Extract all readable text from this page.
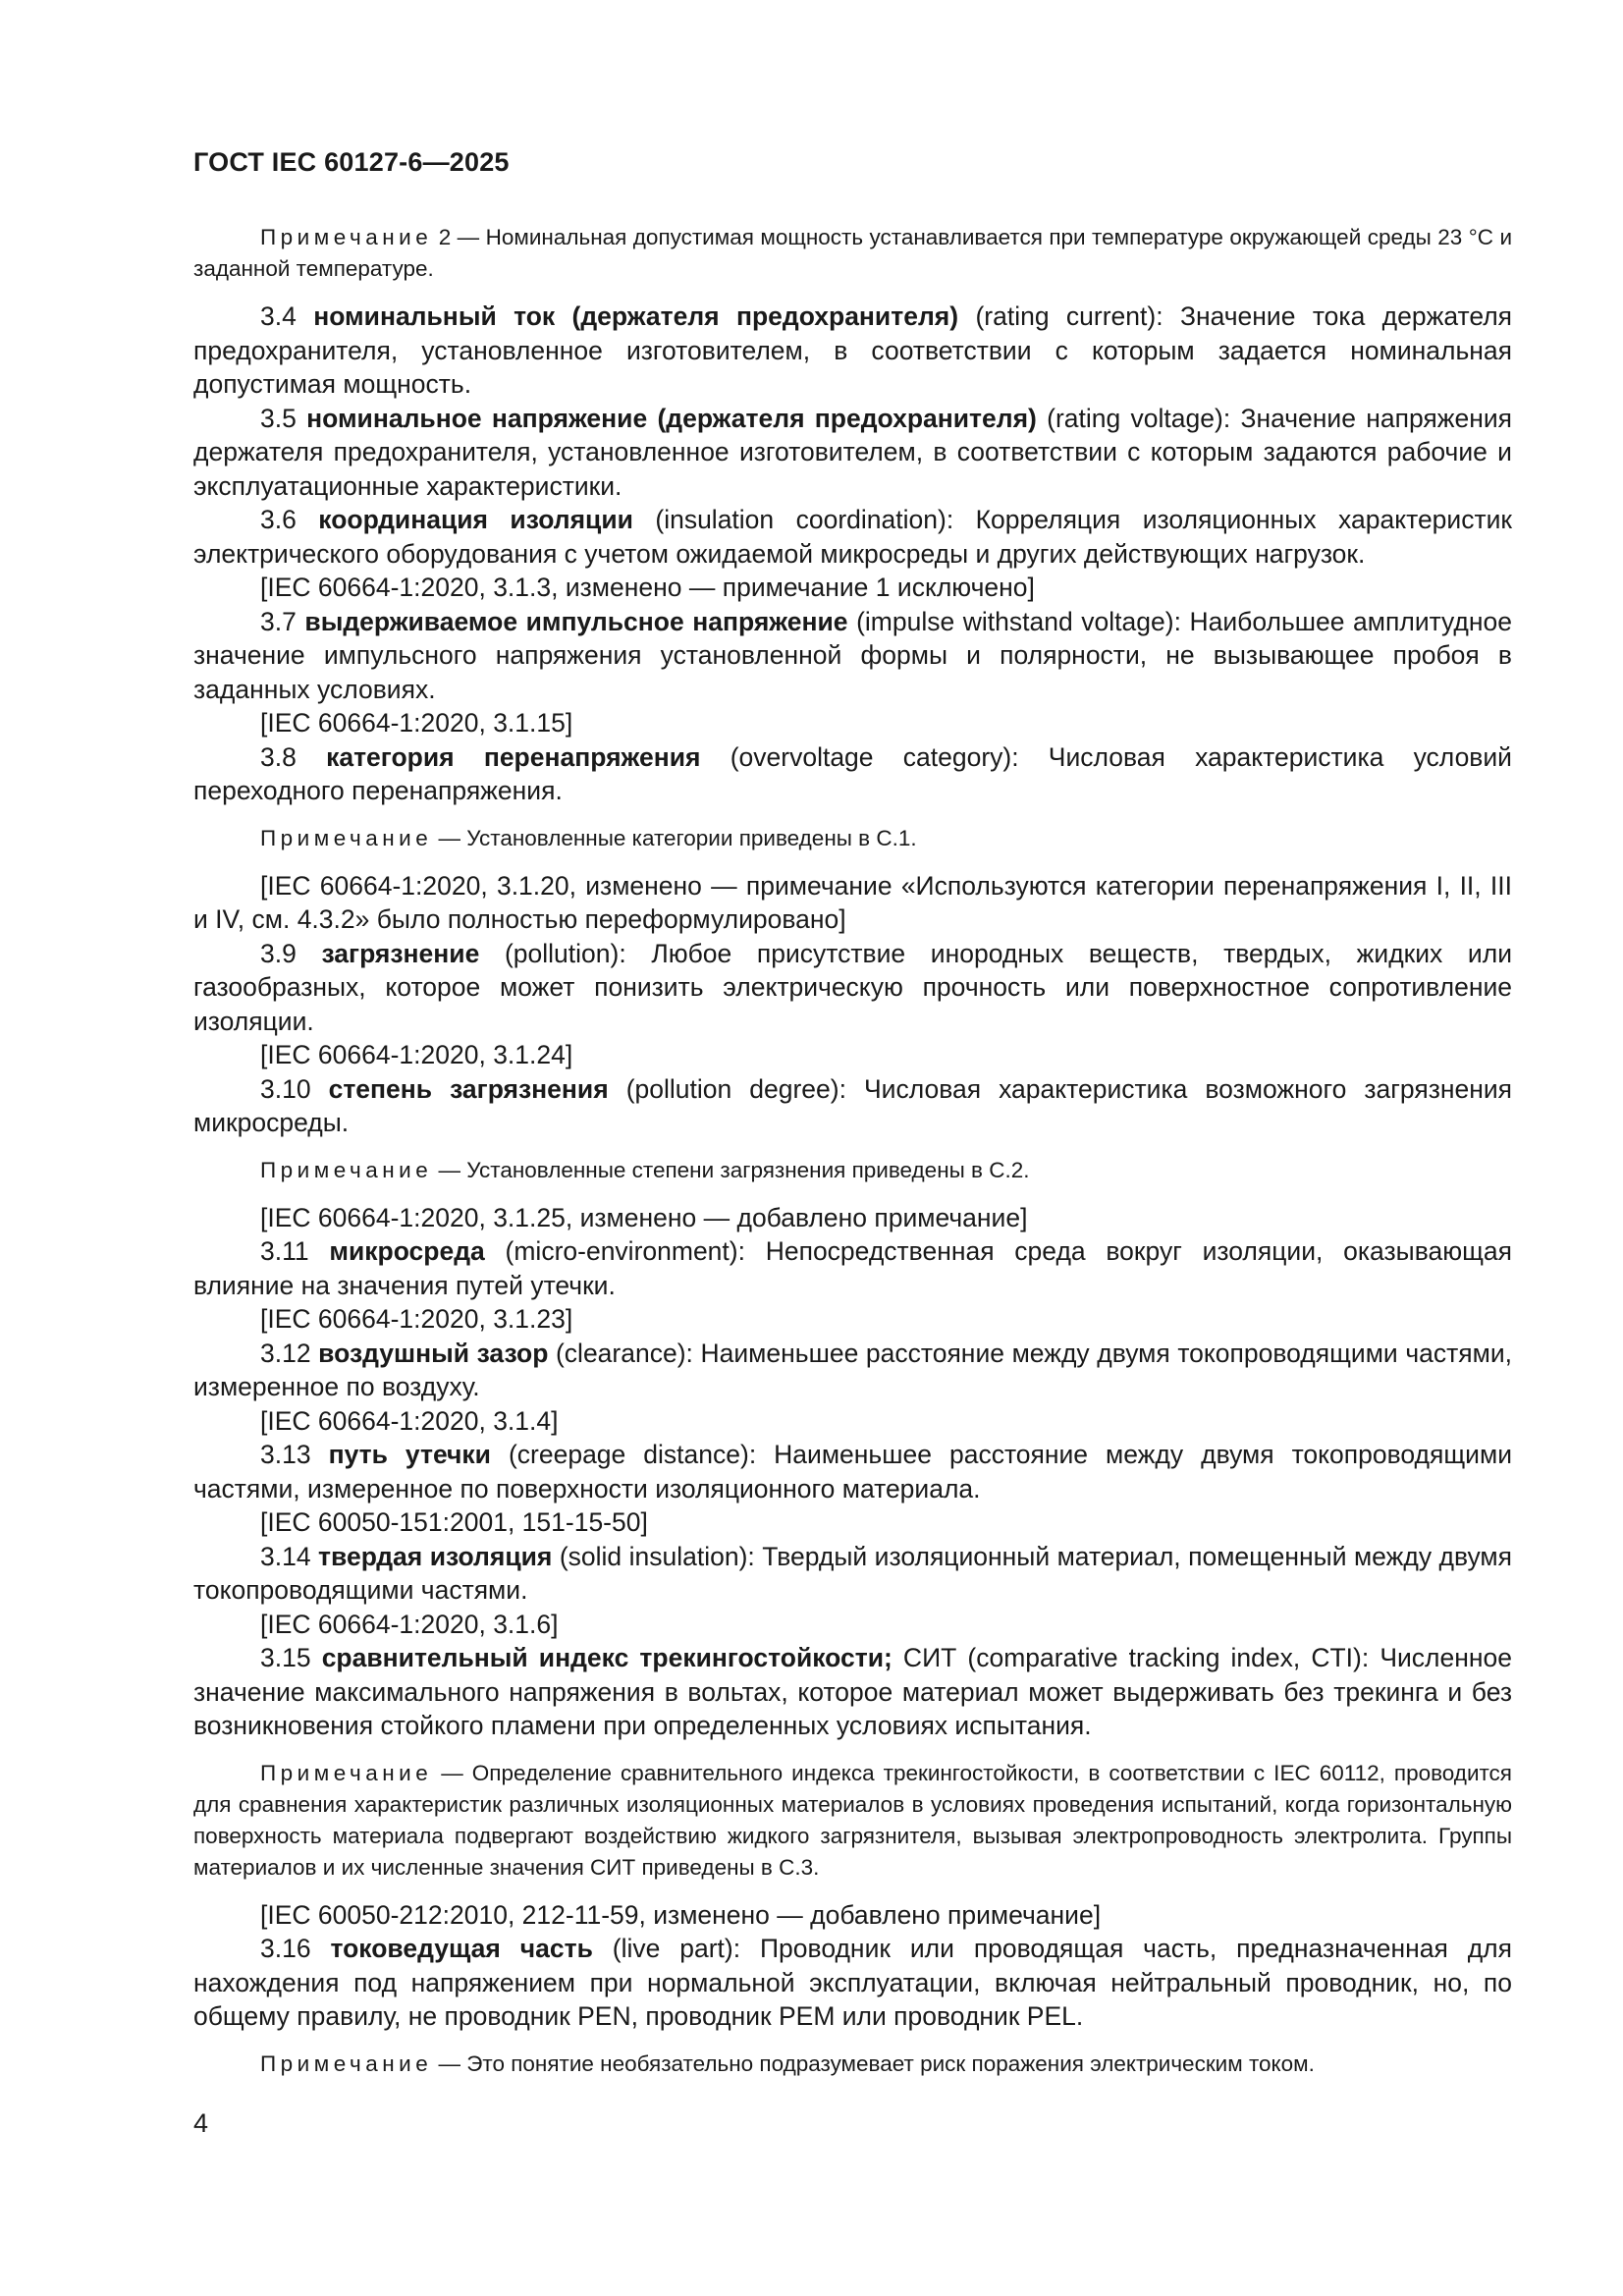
ГОСТ IEC 60127-6—2025

Примечание 2 — Номинальная допустимая мощность устанавливается при температуре окружающей среды 23 °С и заданной температуре.

3.4 номинальный ток (держателя предохранителя) (rating current): Значение тока держателя предохранителя, установленное изготовителем, в соответствии с которым задается номинальная допустимая мощность.

3.5 номинальное напряжение (держателя предохранителя) (rating voltage): Значение напряжения держателя предохранителя, установленное изготовителем, в соответствии с которым задаются рабочие и эксплуатационные характеристики.

3.6 координация изоляции (insulation coordination): Корреляция изоляционных характеристик электрического оборудования с учетом ожидаемой микросреды и других действующих нагрузок.

[IEC 60664-1:2020, 3.1.3, изменено — примечание 1 исключено]

3.7 выдерживаемое импульсное напряжение (impulse withstand voltage): Наибольшее амплитудное значение импульсного напряжения установленной формы и полярности, не вызывающее пробоя в заданных условиях.

[IEC 60664-1:2020, 3.1.15]

3.8 категория перенапряжения (overvoltage category): Числовая характеристика условий переходного перенапряжения.

Примечание — Установленные категории приведены в С.1.

[IEC 60664-1:2020, 3.1.20, изменено — примечание «Используются категории перенапряжения I, II, III и IV, см. 4.3.2» было полностью переформулировано]

3.9 загрязнение (pollution): Любое присутствие инородных веществ, твердых, жидких или газообразных, которое может понизить электрическую прочность или поверхностное сопротивление изоляции.

[IEC 60664-1:2020, 3.1.24]

3.10 степень загрязнения (pollution degree): Числовая характеристика возможного загрязнения микросреды.

Примечание — Установленные степени загрязнения приведены в С.2.

[IEC 60664-1:2020, 3.1.25, изменено — добавлено примечание]

3.11 микросреда (micro-environment): Непосредственная среда вокруг изоляции, оказывающая влияние на значения путей утечки.

[IEC 60664-1:2020, 3.1.23]

3.12 воздушный зазор (clearance): Наименьшее расстояние между двумя токопроводящими частями, измеренное по воздуху.

[IEC 60664-1:2020, 3.1.4]

3.13 путь утечки (creepage distance): Наименьшее расстояние между двумя токопроводящими частями, измеренное по поверхности изоляционного материала.

[IEC 60050-151:2001, 151-15-50]

3.14 твердая изоляция (solid insulation): Твердый изоляционный материал, помещенный между двумя токопроводящими частями.

[IEC 60664-1:2020, 3.1.6]

3.15 сравнительный индекс трекингостойкости; СИТ (comparative tracking index, CTI): Численное значение максимального напряжения в вольтах, которое материал может выдерживать без трекинга и без возникновения стойкого пламени при определенных условиях испытания.

Примечание — Определение сравнительного индекса трекингостойкости, в соответствии с IEC 60112, проводится для сравнения характеристик различных изоляционных материалов в условиях проведения испытаний, когда горизонтальную поверхность материала подвергают воздействию жидкого загрязнителя, вызывая электропроводность электролита. Группы материалов и их численные значения СИТ приведены в С.3.

[IEC 60050-212:2010, 212-11-59, изменено — добавлено примечание]

3.16 токоведущая часть (live part): Проводник или проводящая часть, предназначенная для нахождения под напряжением при нормальной эксплуатации, включая нейтральный проводник, но, по общему правилу, не проводник PEN, проводник PEM или проводник PEL.

Примечание — Это понятие необязательно подразумевает риск поражения электрическим током.

4
